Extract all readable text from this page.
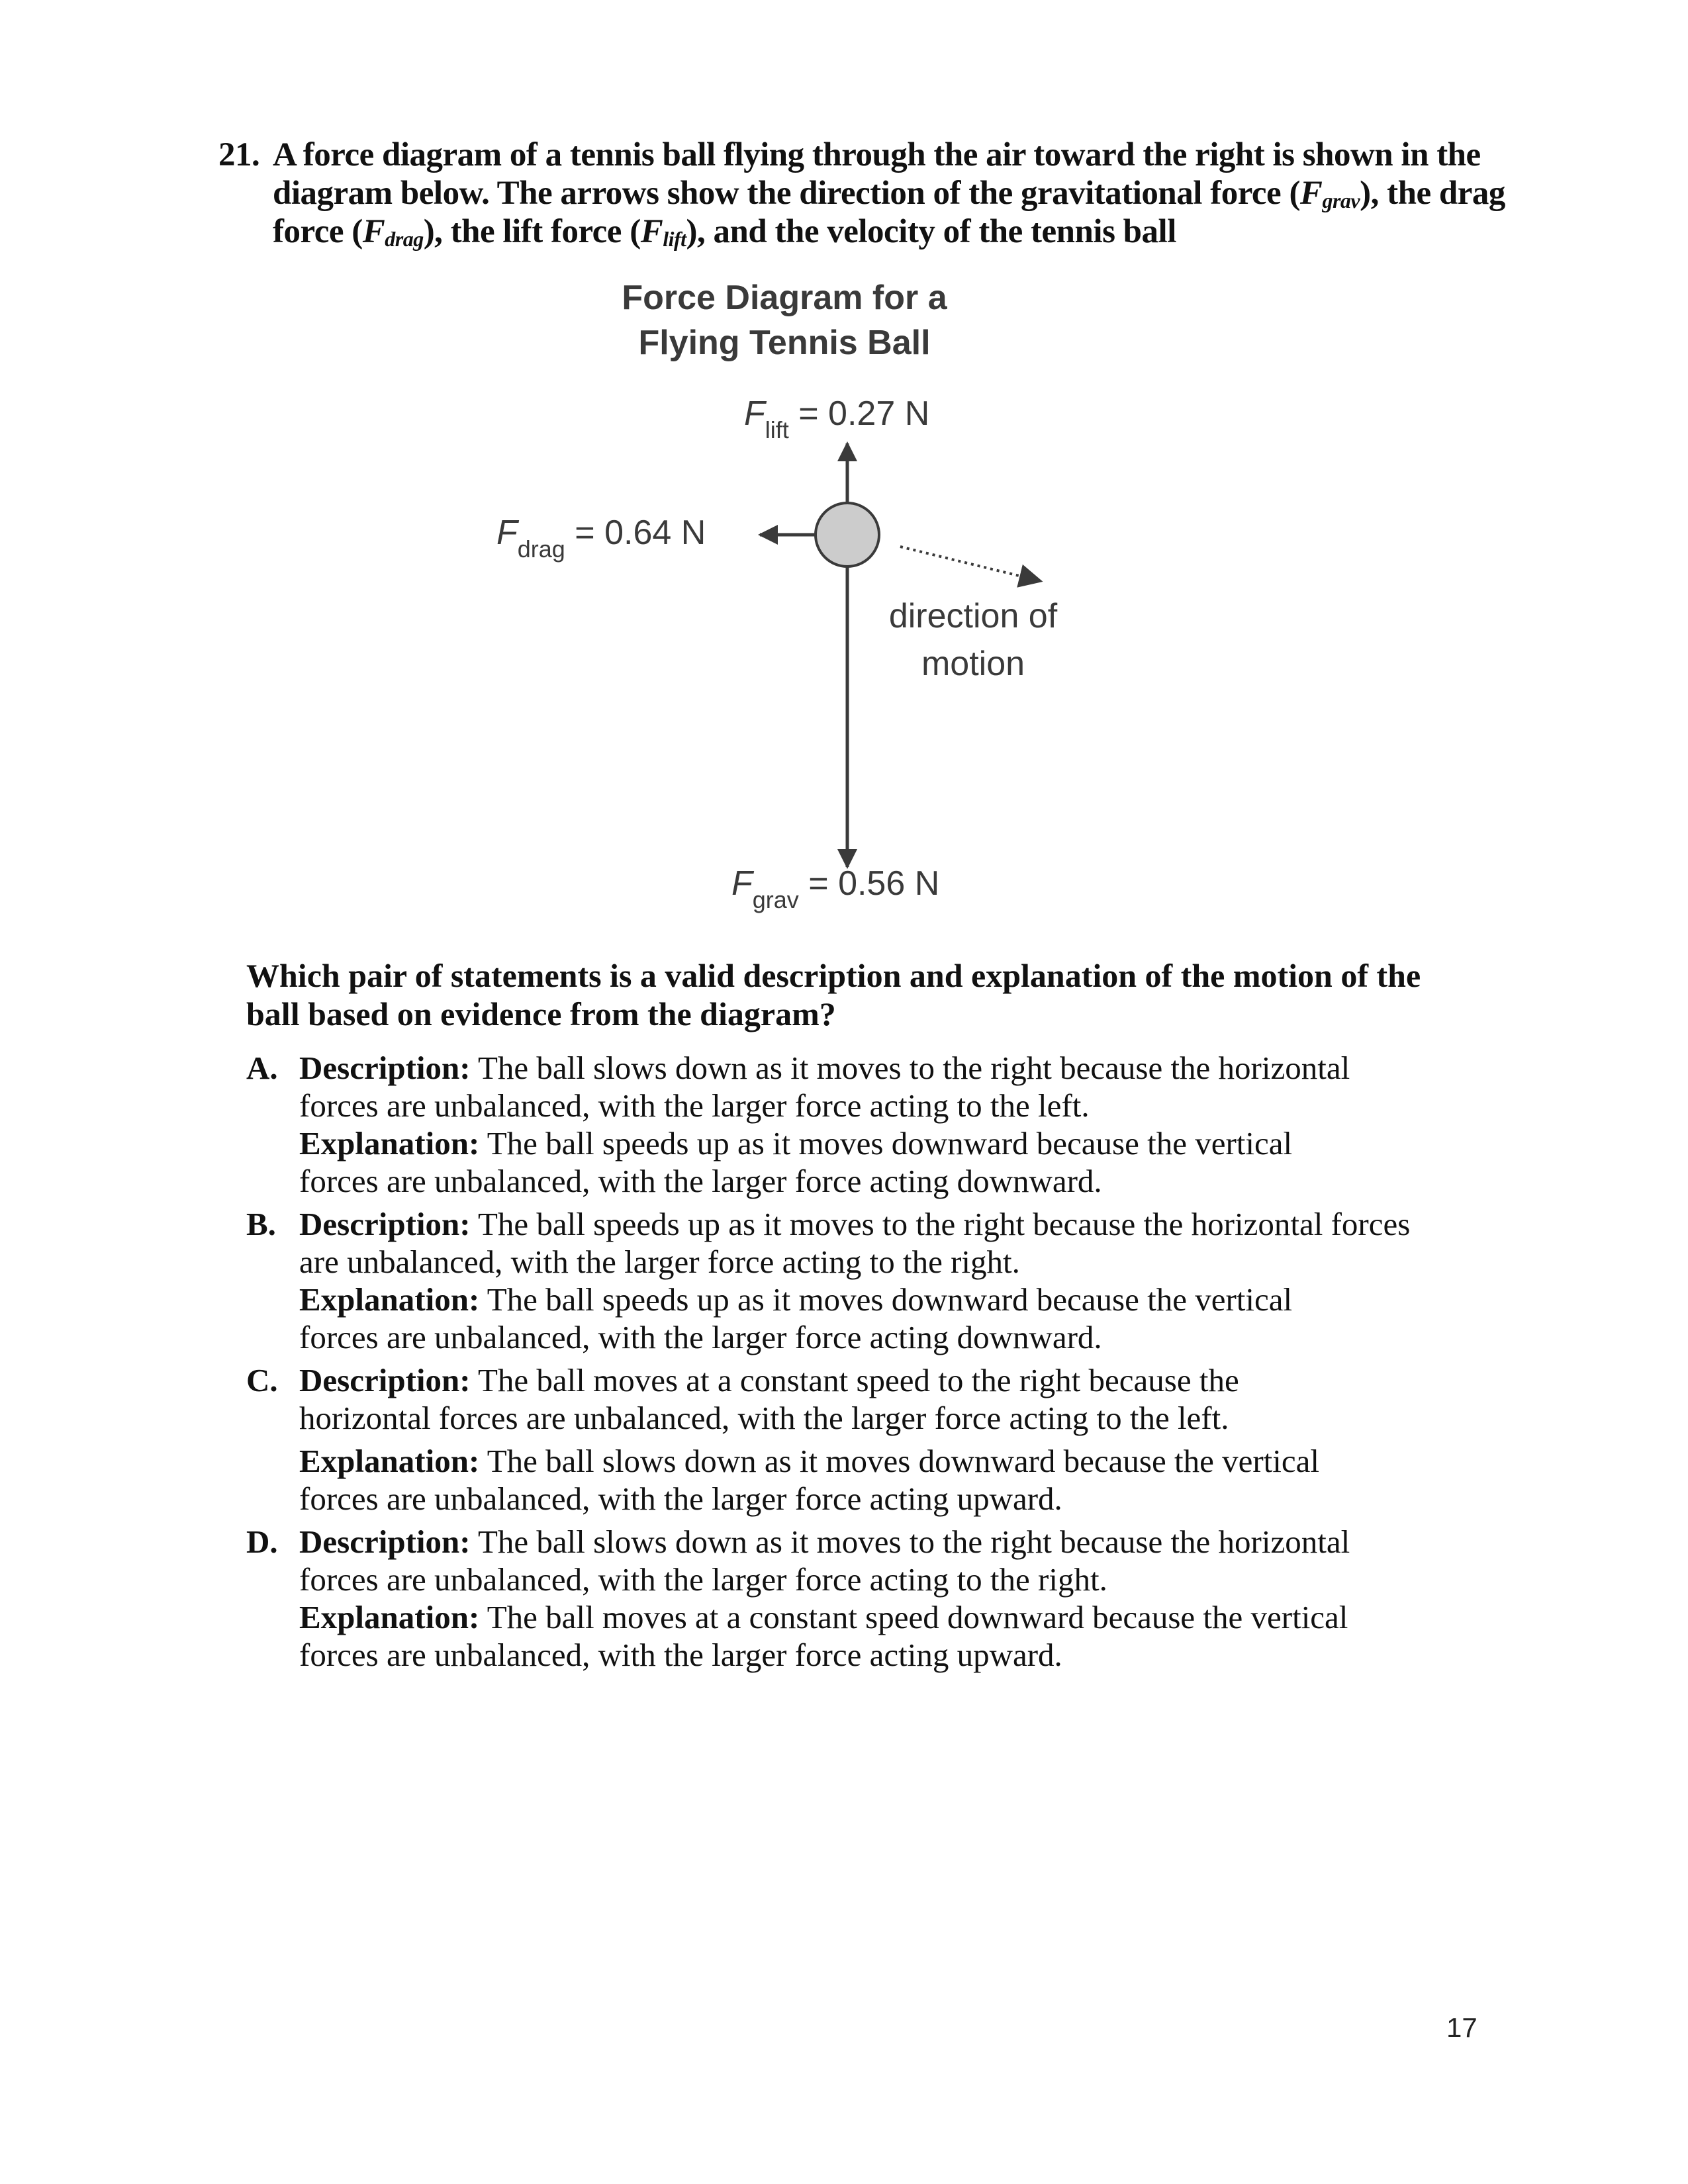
21. A force diagram of a tennis ball flying through the air toward the right is shown in the
diagram below. The arrows show the direction of the gravitational force $(F_{grav})$, the drag
force $(F_{drag})$, the lift force $(F_{lift})$, and the velocity of the tennis ball
Force Diagram for a
Flying Tennis Ball
$F_{lift} = 0.27$ N
$F_{drag} = 0.64$ N
$F_{grav} = 0.56$ N
direction of
motion
Which pair of statements is a valid description and explanation of the motion of the
ball based on evidence from the diagram?
A. Description: The ball slows down as it moves to the right because the horizontal
forces are unbalanced, with the larger force acting to the left.
Explanation: The ball speeds up as it moves downward because the vertical
forces are unbalanced, with the larger force acting downward.
B. Description: The ball speeds up as it moves to the right because the horizontal forces
are unbalanced, with the larger force acting to the right.
Explanation: The ball speeds up as it moves downward because the vertical
forces are unbalanced, with the larger force acting downward.
C. Description: The ball moves at a constant speed to the right because the
horizontal forces are unbalanced, with the larger force acting to the left.
Explanation: The ball slows down as it moves downward because the vertical
forces are unbalanced, with the larger force acting upward.
D. Description: The ball slows down as it moves to the right because the horizontal
forces are unbalanced, with the larger force acting to the right.
Explanation: The ball moves at a constant speed downward because the vertical
forces are unbalanced, with the larger force acting upward.
17
